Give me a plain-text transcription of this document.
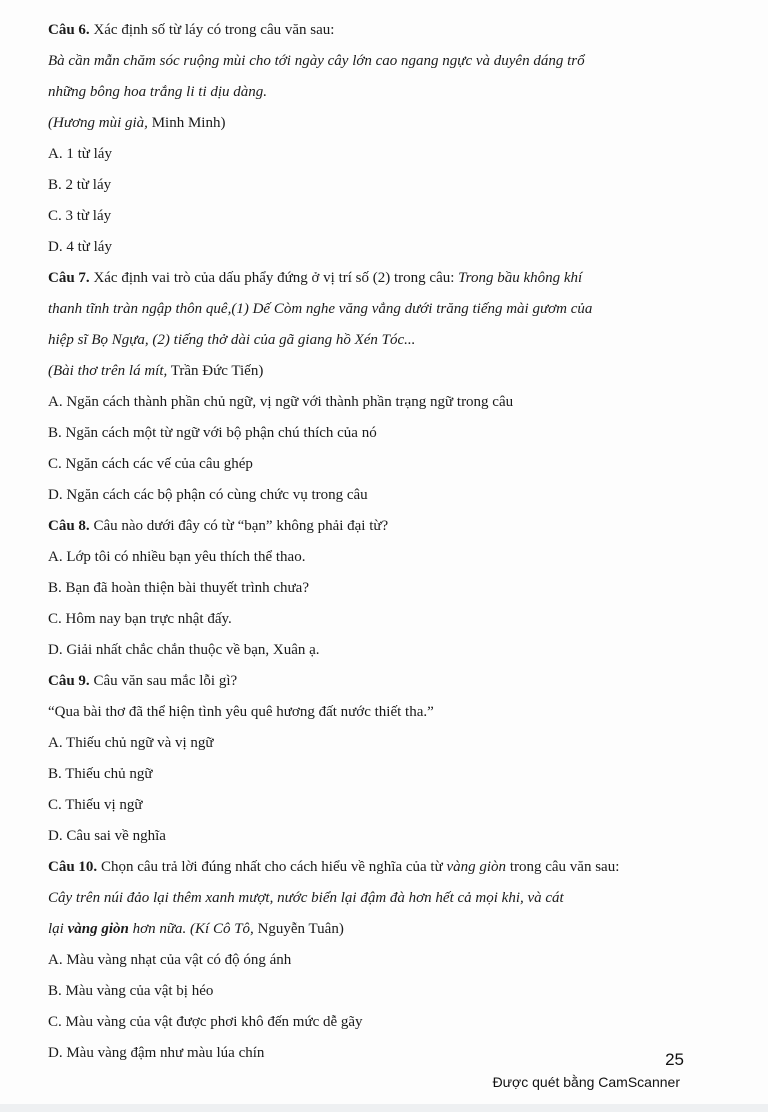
Câu 6. Xác định số từ láy có trong câu văn sau:
Bà cần mẫn chăm sóc ruộng mùi cho tới ngày cây lớn cao ngang ngực và duyên dáng trổ
những bông hoa trắng li ti dịu dàng.
(Hương mùi già, Minh Minh)
A. 1 từ láy
B. 2 từ láy
C. 3 từ láy
D. 4 từ láy
Câu 7. Xác định vai trò của dấu phẩy đứng ở vị trí số (2) trong câu: Trong bầu không khí
thanh tĩnh tràn ngập thôn quê,(1) Dế Còm nghe văng vẳng dưới trăng tiếng mài gươm của
hiệp sĩ Bọ Ngựa, (2) tiếng thở dài của gã giang hồ Xén Tóc...
(Bài thơ trên lá mít, Trần Đức Tiến)
A. Ngăn cách thành phần chủ ngữ, vị ngữ với thành phần trạng ngữ trong câu
B. Ngăn cách một từ ngữ với bộ phận chú thích của nó
C. Ngăn cách các vế của câu ghép
D. Ngăn cách các bộ phận có cùng chức vụ trong câu
Câu 8. Câu nào dưới đây có từ “bạn” không phải đại từ?
A. Lớp tôi có nhiều bạn yêu thích thể thao.
B. Bạn đã hoàn thiện bài thuyết trình chưa?
C. Hôm nay bạn trực nhật đấy.
D. Giải nhất chắc chắn thuộc về bạn, Xuân ạ.
Câu 9. Câu văn sau mắc lỗi gì?
“Qua bài thơ đã thể hiện tình yêu quê hương đất nước thiết tha.”
A. Thiếu chủ ngữ và vị ngữ
B. Thiếu chủ ngữ
C. Thiếu vị ngữ
D. Câu sai về nghĩa
Câu 10. Chọn câu trả lời đúng nhất cho cách hiểu về nghĩa của từ vàng giòn trong câu văn sau:
Cây trên núi đảo lại thêm xanh mượt, nước biển lại đậm đà hơn hết cả mọi khi, và cát
lại vàng giòn hơn nữa. (Kí Cô Tô, Nguyễn Tuân)
A. Màu vàng nhạt của vật có độ óng ánh
B. Màu vàng của vật bị héo
C. Màu vàng của vật được phơi khô đến mức dễ gãy
D. Màu vàng đậm như màu lúa chín	25
Được quét bằng CamScanner
